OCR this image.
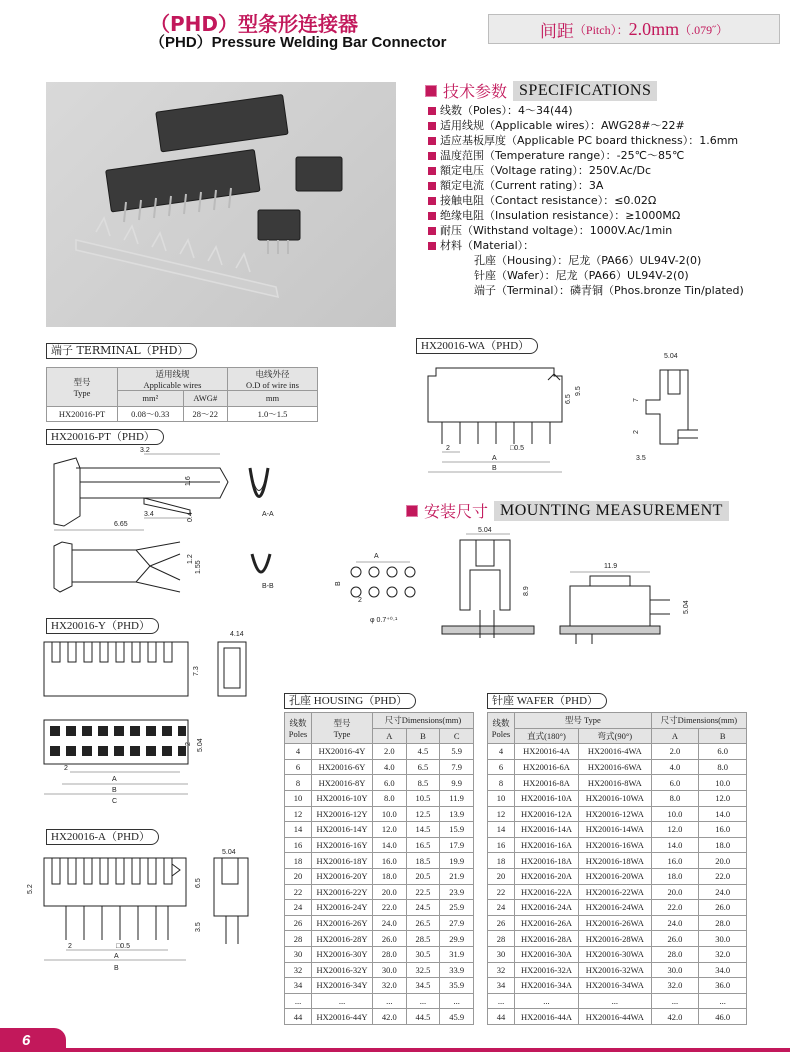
（PHD）型条形连接器
（PHD）Pressure Welding Bar Connector
间距 （Pitch）： 2.0mm （.079˝）
技术参数 SPECIFICATIONS
线数（Poles）：4～34(44)
适用线规（Applicable wires）：AWG28#～22#
适应基板厚度（Applicable PC board thickness）：1.6mm
温度范围（Temperature range）：-25℃～85℃
額定电压（Voltage rating）：250V.Ac/Dc
額定电流（Current rating）：3A
接触电阻（Contact resistance）：≤0.02Ω
绝缘电阻（Insulation resistance）：≥1000MΩ
耐压（Withstand voltage）：1000V.Ac/1min
材料（Material）：
孔座（Housing）：尼龙（PA66）UL94V-2(0)
针座（Wafer）：尼龙（PA66）UL94V-2(0)
端子（Terminal）：磷青铜（Phos.bronze Tin/plated)
端子 TERMINAL（PHD）
型号
Type	适用线规
Applicable wires		电线外径
O.D of wire ins
	mm²	AWG#	mm
HX20016-PT	0.08～0.33	28～22	1.0～1.5
HX20016-PT（PHD）
3.2
1.6
3.4	0.4
6.65
A-A
1.2
1.55
B-B
HX20016-Y（PHD）
4.14
7.3
2 5.04
2
A
B
C
HX20016-A（PHD）
5.04
5.2
6.5
3.5
2	□0.5
A
B
HX20016-WA（PHD）
5.04
6.5
9.5
7
2
3.5
2	□0.5
A
B
安装尺寸 MOUNTING MEASUREMENT
A
2
B
φ 0.7⁺⁰·¹
5.04
8.9
11.9
5.04
孔座 HOUSING（PHD）
线数
Poles	型号
Type	尺寸Dimensions(mm)		
		A	B	C
4	HX20016-4Y	2.0	4.5	5.9
6	HX20016-6Y	4.0	6.5	7.9
8	HX20016-8Y	6.0	8.5	9.9
10	HX20016-10Y	8.0	10.5	11.9
12	HX20016-12Y	10.0	12.5	13.9
14	HX20016-14Y	12.0	14.5	15.9
16	HX20016-16Y	14.0	16.5	17.9
18	HX20016-18Y	16.0	18.5	19.9
20	HX20016-20Y	18.0	20.5	21.9
22	HX20016-22Y	20.0	22.5	23.9
24	HX20016-24Y	22.0	24.5	25.9
26	HX20016-26Y	24.0	26.5	27.9
28	HX20016-28Y	26.0	28.5	29.9
30	HX20016-30Y	28.0	30.5	31.9
32	HX20016-32Y	30.0	32.5	33.9
34	HX20016-34Y	32.0	34.5	35.9
...	...	...	...	...
44	HX20016-44Y	42.0	44.5	45.9
针座 WAFER（PHD）
线数
Poles	型号 Type		尺寸Dimensions(mm)	
	直式(180°)	弯式(90°)	A	B
4	HX20016-4A	HX20016-4WA	2.0	6.0
6	HX20016-6A	HX20016-6WA	4.0	8.0
8	HX20016-8A	HX20016-8WA	6.0	10.0
10	HX20016-10A	HX20016-10WA	8.0	12.0
12	HX20016-12A	HX20016-12WA	10.0	14.0
14	HX20016-14A	HX20016-14WA	12.0	16.0
16	HX20016-16A	HX20016-16WA	14.0	18.0
18	HX20016-18A	HX20016-18WA	16.0	20.0
20	HX20016-20A	HX20016-20WA	18.0	22.0
22	HX20016-22A	HX20016-22WA	20.0	24.0
24	HX20016-24A	HX20016-24WA	22.0	26.0
26	HX20016-26A	HX20016-26WA	24.0	28.0
28	HX20016-28A	HX20016-28WA	26.0	30.0
30	HX20016-30A	HX20016-30WA	28.0	32.0
32	HX20016-32A	HX20016-32WA	30.0	34.0
34	HX20016-34A	HX20016-34WA	32.0	36.0
...	...	...	...	...
44	HX20016-44A	HX20016-44WA	42.0	46.0
6
